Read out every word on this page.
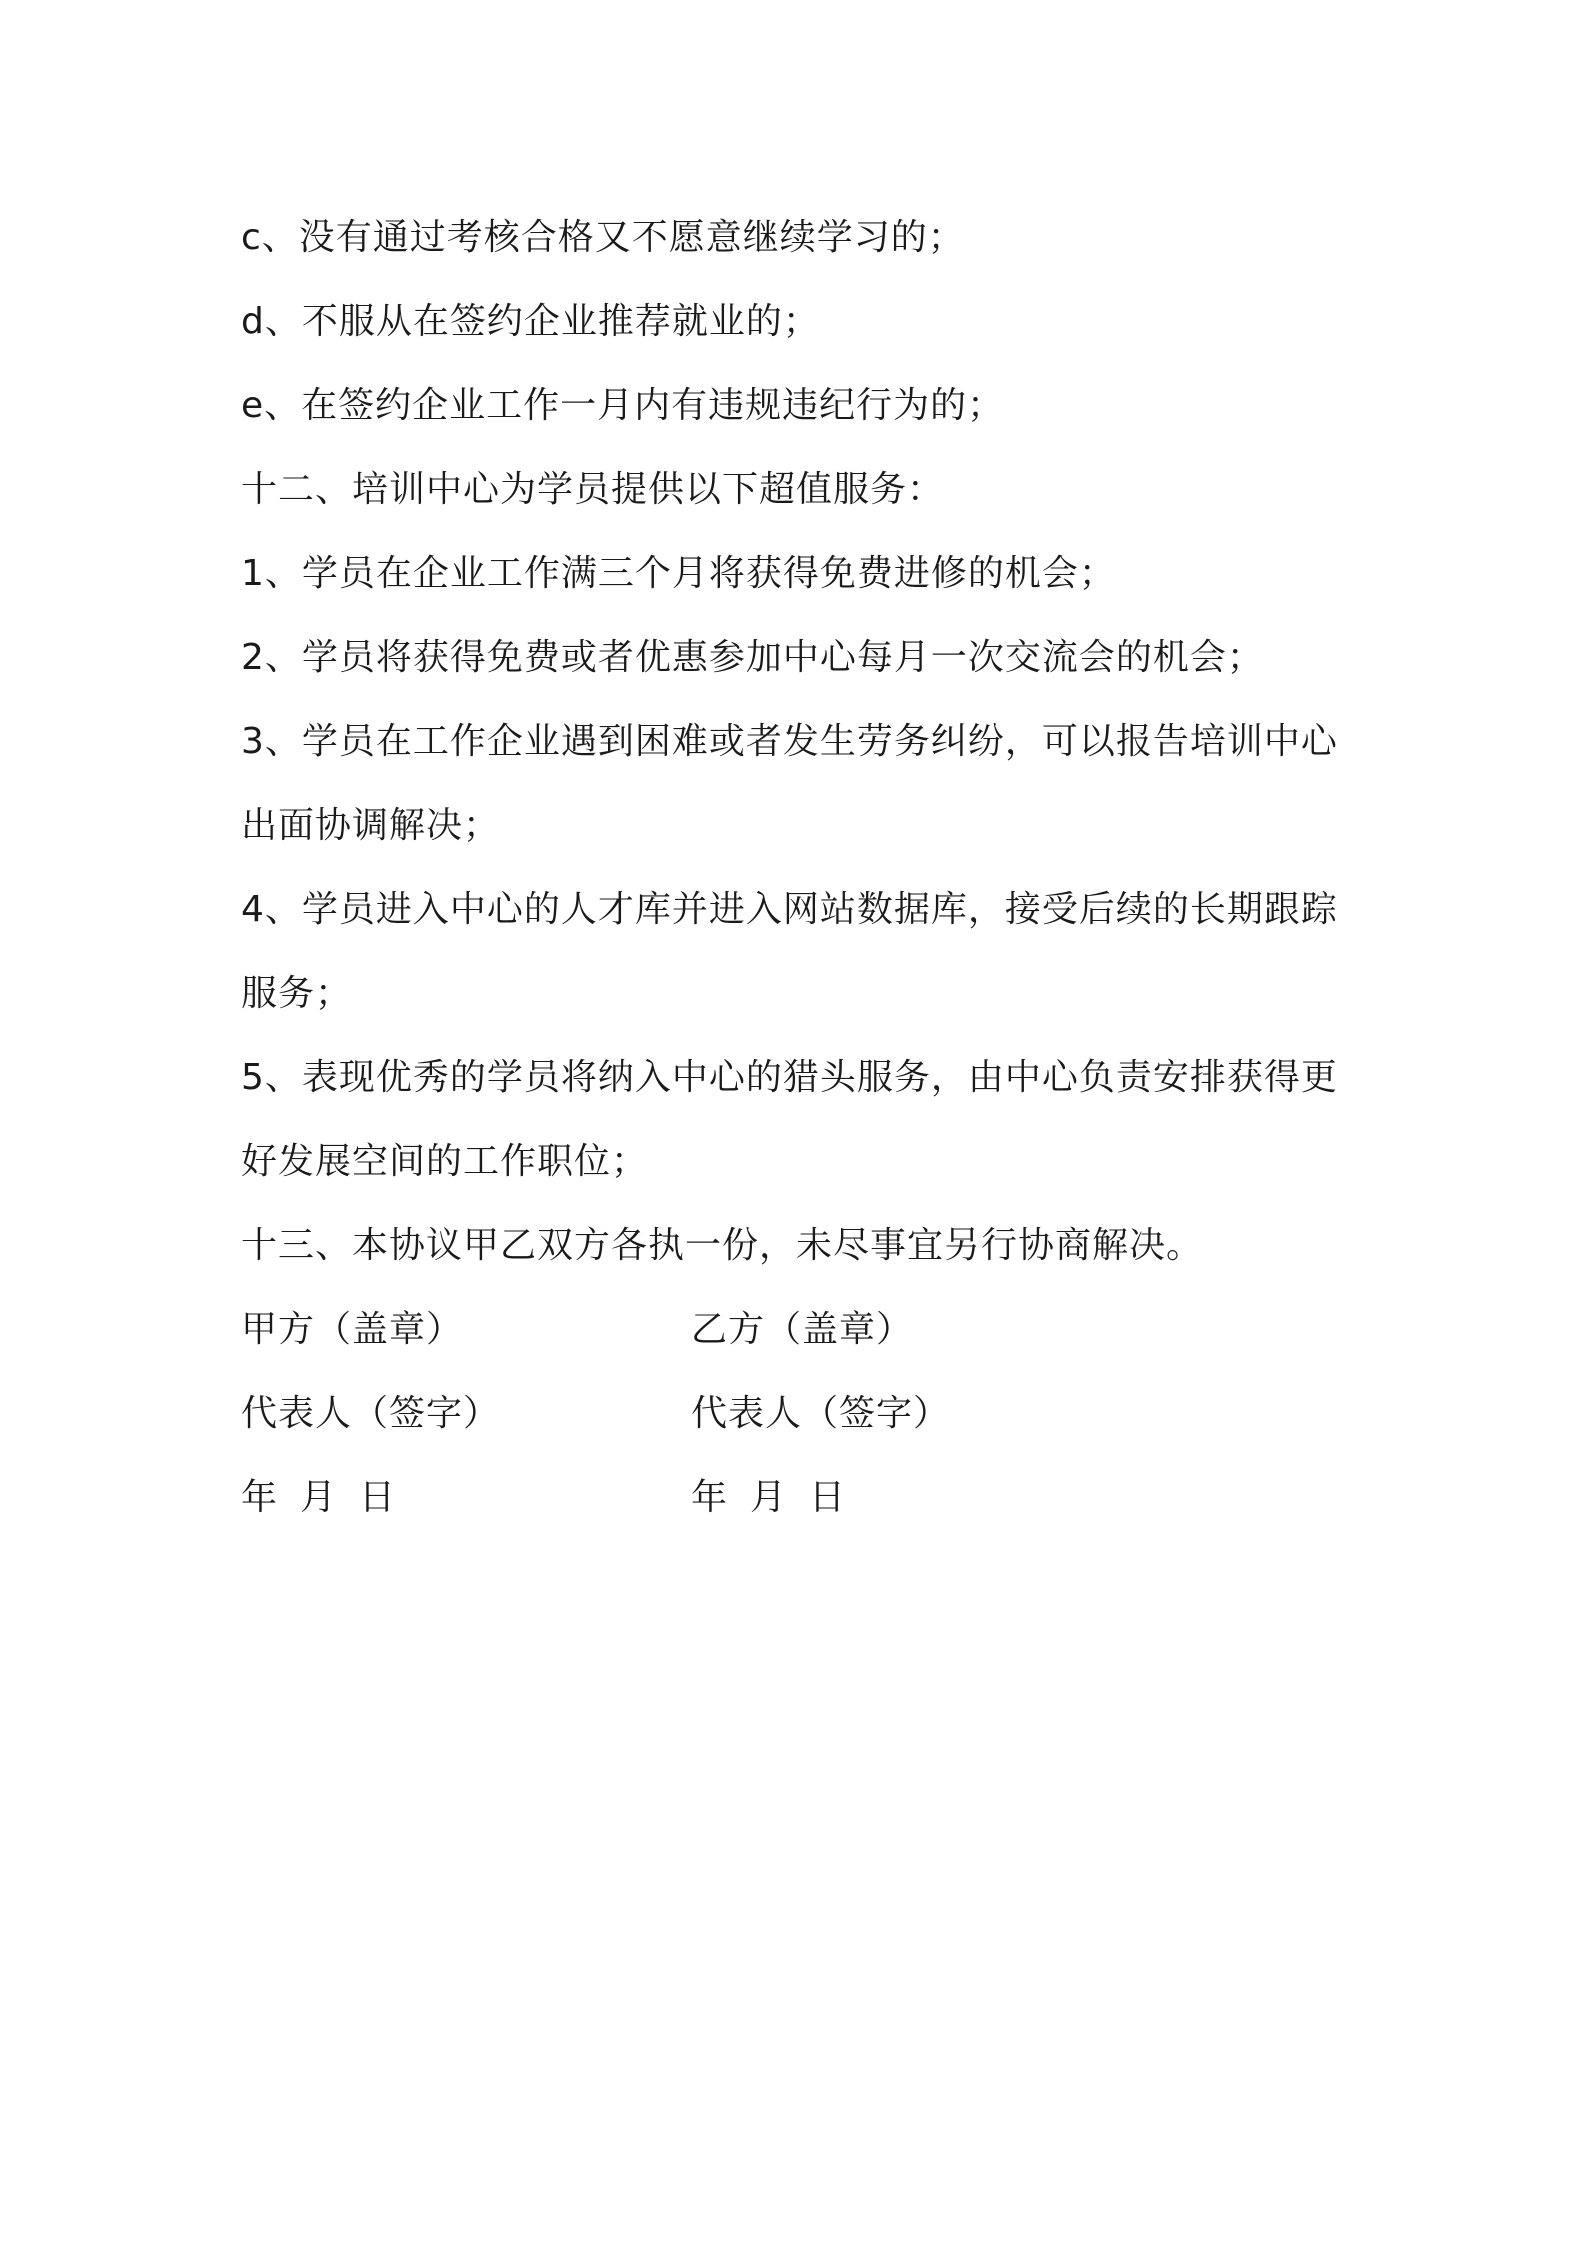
c、没有通过考核合格又不愿意继续学习的；
d、不服从在签约企业推荐就业的；
e、在签约企业工作一月内有违规违纪行为的；
十二、培训中心为学员提供以下超值服务：
1、学员在企业工作满三个月将获得免费进修的机会；
2、学员将获得免费或者优惠参加中心每月一次交流会的机会；
3、学员在工作企业遇到困难或者发生劳务纠纷，可以报告培训中心
出面协调解决；
4、学员进入中心的人才库并进入网站数据库，接受后续的长期跟踪
服务；
5、表现优秀的学员将纳入中心的猎头服务，由中心负责安排获得更
好发展空间的工作职位；
十三、本协议甲乙双方各执一份，未尽事宜另行协商解决。
甲方（盖章）	乙方（盖章）
代表人（签字）	代表人（签字）
年 月 日	年 月 日
